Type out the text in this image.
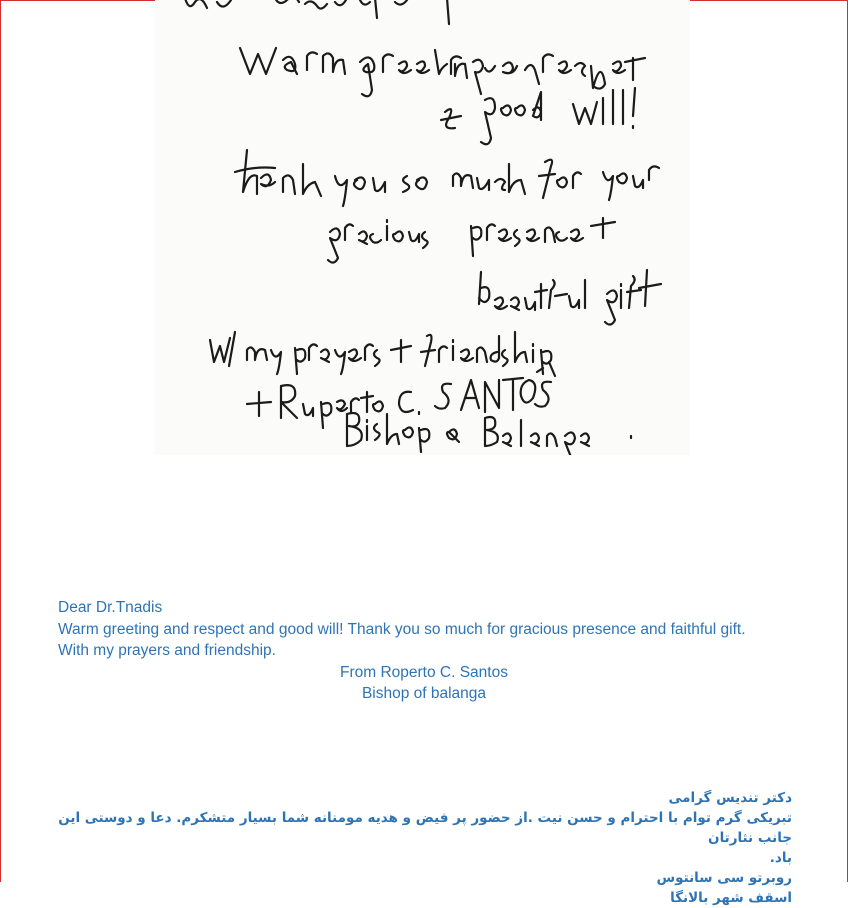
Dear Dr.Tnadis
Warm greeting and respect and good will! Thank you so much for gracious presence and faithful gift.
With my prayers and friendship.
From Roperto C. Santos
Bishop of balanga
دکتر تندیس گرامی
تبریکی گرم توام با احترام و حسن نیت .از حضور پر فیض و هدیه مومنانه شما بسیار متشکرم. دعا و دوستی این جانب نثارتان
باد.
روبرتو سی سانتوس
اسقف شهر بالانگا
